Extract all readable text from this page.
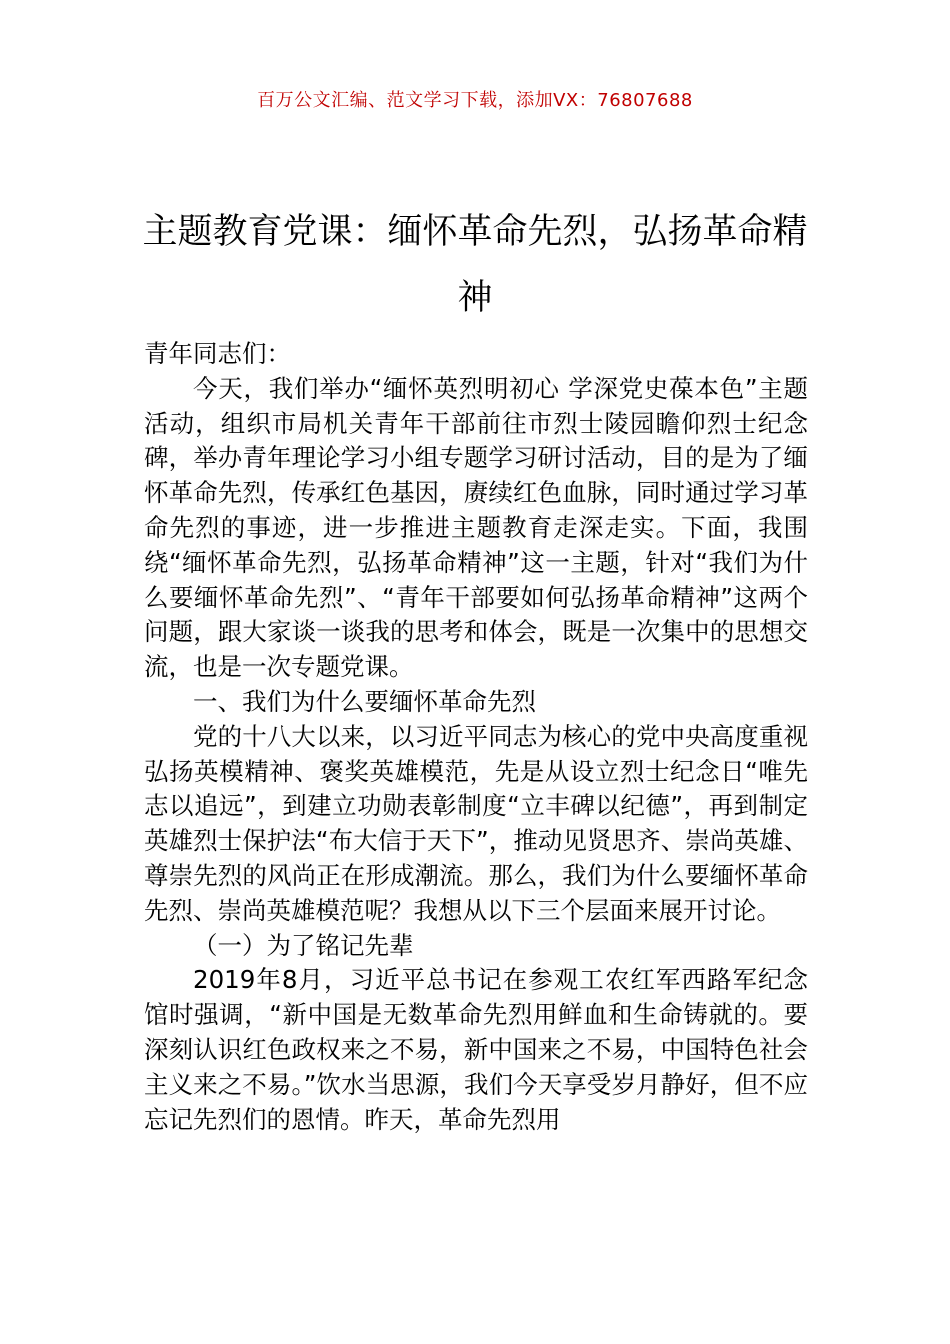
百万公文汇编、范文学习下载，添加VX：76807688
主题教育党课：缅怀革命先烈，弘扬革命精神

青年同志们：

今天，我们举办“缅怀英烈明初心 学深党史葆本色”主题活动，组织市局机关青年干部前往市烈士陵园瞻仰烈士纪念碑，举办青年理论学习小组专题学习研讨活动，目的是为了缅怀革命先烈，传承红色基因，赓续红色血脉，同时通过学习革命先烈的事迹，进一步推进主题教育走深走实。下面，我围绕“缅怀革命先烈，弘扬革命精神”这一主题，针对“我们为什么要缅怀革命先烈”、“青年干部要如何弘扬革命精神”这两个问题，跟大家谈一谈我的思考和体会，既是一次集中的思想交流，也是一次专题党课。

一、我们为什么要缅怀革命先烈

党的十八大以来，以习近平同志为核心的党中央高度重视弘扬英模精神、褒奖英雄模范，先是从设立烈士纪念日“唯先志以追远”，到建立功勋表彰制度“立丰碑以纪德”，再到制定英雄烈士保护法“布大信于天下”，推动见贤思齐、崇尚英雄、尊崇先烈的风尚正在形成潮流。那么，我们为什么要缅怀革命先烈、崇尚英雄模范呢？我想从以下三个层面来展开讨论。

（一）为了铭记先辈

2019年8月，习近平总书记在参观工农红军西路军纪念馆时强调，“新中国是无数革命先烈用鲜血和生命铸就的。要深刻认识红色政权来之不易，新中国来之不易，中国特色社会主义来之不易。”饮水当思源，我们今天享受岁月静好，但不应忘记先烈们的恩情。昨天，革命先烈用
